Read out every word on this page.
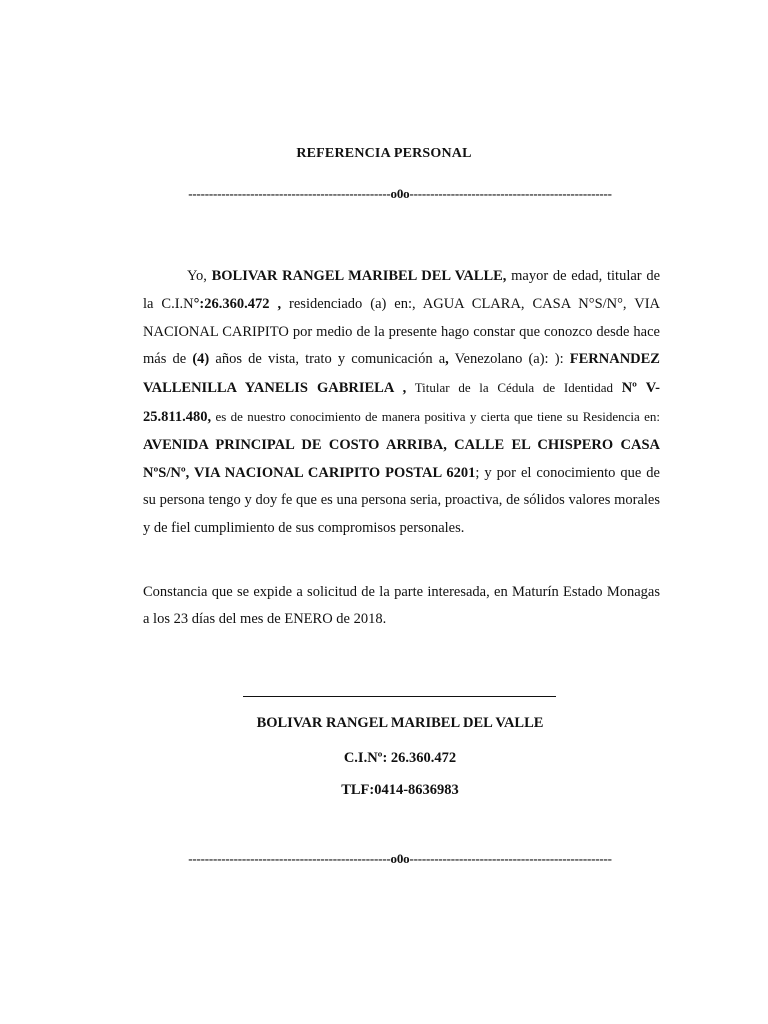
REFERENCIA PERSONAL
-------------------------------------------------o0o-------------------------------------------------

Yo, BOLIVAR RANGEL MARIBEL DEL VALLE, mayor de edad, titular de la C.I.N°:26.360.472 , residenciado (a) en:, AGUA CLARA, CASA N°S/N°, VIA NACIONAL CARIPITO por medio de la presente hago constar que conozco desde hace más de (4) años de vista, trato y comunicación a, Venezolano (a): ): FERNANDEZ VALLENILLA YANELIS GABRIELA , Titular de la Cédula de Identidad Nº V-25.811.480, es de nuestro conocimiento de manera positiva y cierta que tiene su Residencia en: AVENIDA PRINCIPAL DE COSTO ARRIBA, CALLE EL CHISPERO CASA NºS/Nº, VIA NACIONAL CARIPITO POSTAL 6201; y por el conocimiento que de su persona tengo y doy fe que es una persona seria, proactiva, de sólidos valores morales y de fiel cumplimiento de sus compromisos personales.

Constancia que se expide a solicitud de la parte interesada, en Maturín Estado Monagas a los 23 días del mes de ENERO de 2018.

BOLIVAR RANGEL MARIBEL DEL VALLE
C.I.Nº: 26.360.472
TLF:0414-8636983
-------------------------------------------------o0o-------------------------------------------------
